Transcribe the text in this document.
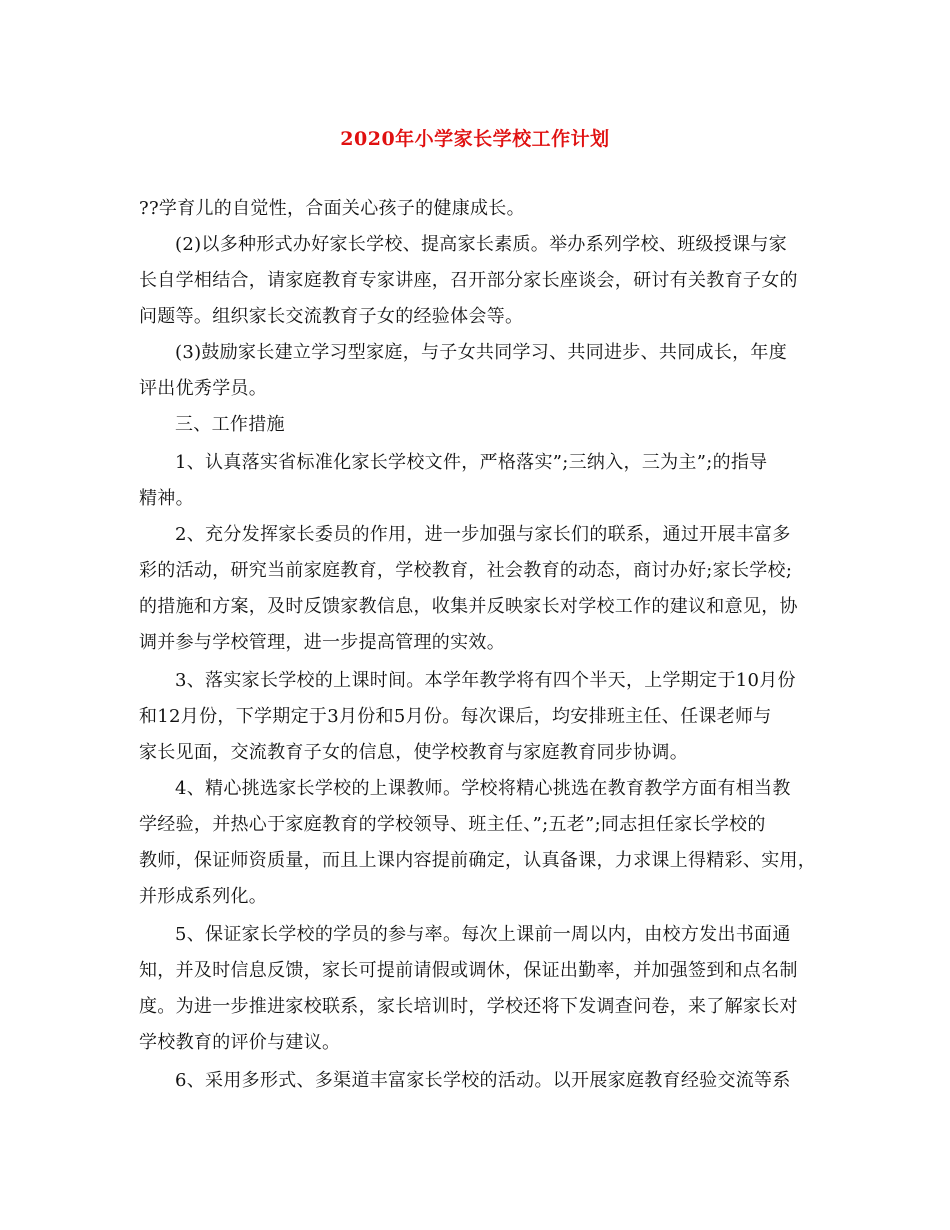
2020年小学家长学校工作计划
??学育儿的自觉性，合面关心孩子的健康成长。
(2)以多种形式办好家长学校、提高家长素质。举办系列学校、班级授课与家
长自学相结合，请家庭教育专家讲座，召开部分家长座谈会，研讨有关教育子女的
问题等。组织家长交流教育子女的经验体会等。
(3)鼓励家长建立学习型家庭，与子女共同学习、共同进步、共同成长，年度
评出优秀学员。
三、工作措施
1、认真落实省标准化家长学校文件，严格落实”;三纳入，三为主”;的指导
精神。
2、充分发挥家长委员的作用，进一步加强与家长们的联系，通过开展丰富多
彩的活动，研究当前家庭教育，学校教育，社会教育的动态，商讨办好;家长学校;
的措施和方案，及时反馈家教信息，收集并反映家长对学校工作的建议和意见，协
调并参与学校管理，进一步提高管理的实效。
3、落实家长学校的上课时间。本学年教学将有四个半天，上学期定于10月份
和12月份，下学期定于3月份和5月份。每次课后，均安排班主任、任课老师与
家长见面，交流教育子女的信息，使学校教育与家庭教育同步协调。
4、精心挑选家长学校的上课教师。学校将精心挑选在教育教学方面有相当教
学经验，并热心于家庭教育的学校领导、班主任、”;五老”;同志担任家长学校的
教师，保证师资质量，而且上课内容提前确定，认真备课，力求课上得精彩、实用，
并形成系列化。
5、保证家长学校的学员的参与率。每次上课前一周以内，由校方发出书面通
知，并及时信息反馈，家长可提前请假或调休，保证出勤率，并加强签到和点名制
度。为进一步推进家校联系，家长培训时，学校还将下发调查问卷，来了解家长对
学校教育的评价与建议。
6、采用多形式、多渠道丰富家长学校的活动。以开展家庭教育经验交流等系
